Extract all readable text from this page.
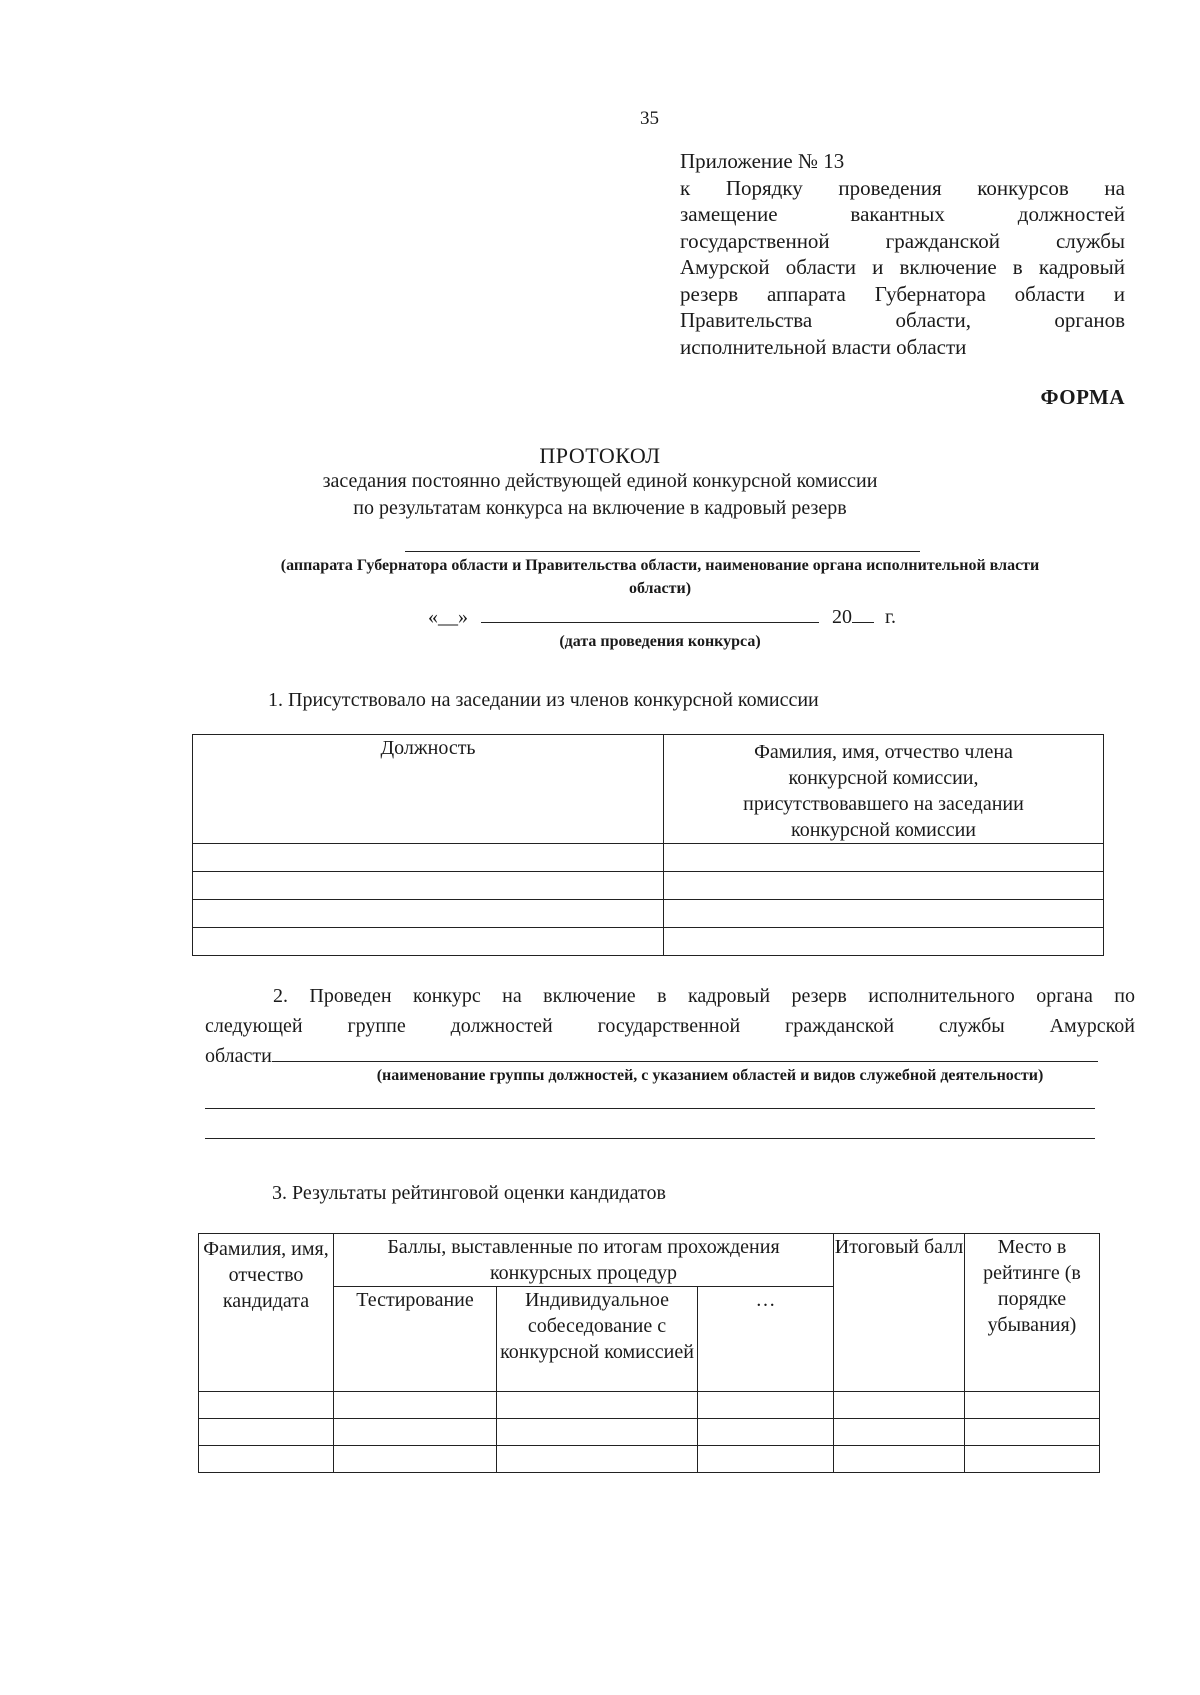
35
Приложение № 13
к Порядку проведения конкурсов на
замещение вакантных должностей
государственной гражданской службы
Амурской области и включение в кадровый
резерв аппарата Губернатора области и
Правительства области, органов
исполнительной власти области
ФОРМА
ПРОТОКОЛ
заседания постоянно действующей единой конкурсной комиссии
по результатам конкурса на включение в кадровый резерв
(аппарата Губернатора области и Правительства области, наименование органа исполнительной власти
области)
«__»	20 г.
(дата проведения конкурса)
1. Присутствовало на заседании из членов конкурсной комиссии
Должность	Фамилия, имя, отчество члена конкурсной комиссии, присутствовавшего на заседании конкурсной комиссии

2. Проведен конкурс на включение в кадровый резерв исполнительного органа по
следующей группе должностей государственной гражданской службы Амурской
области
(наименование группы должностей, с указанием областей и видов служебной деятельности)
3. Результаты рейтинговой оценки кандидатов
Фамилия, имя, отчество кандидата	Баллы, выставленные по итогам прохождения конкурсных процедур			Итоговый балл	Место в рейтинге (в порядке убывания)
	Тестирование	Индивидуальное собеседование с конкурсной комиссией	…		
